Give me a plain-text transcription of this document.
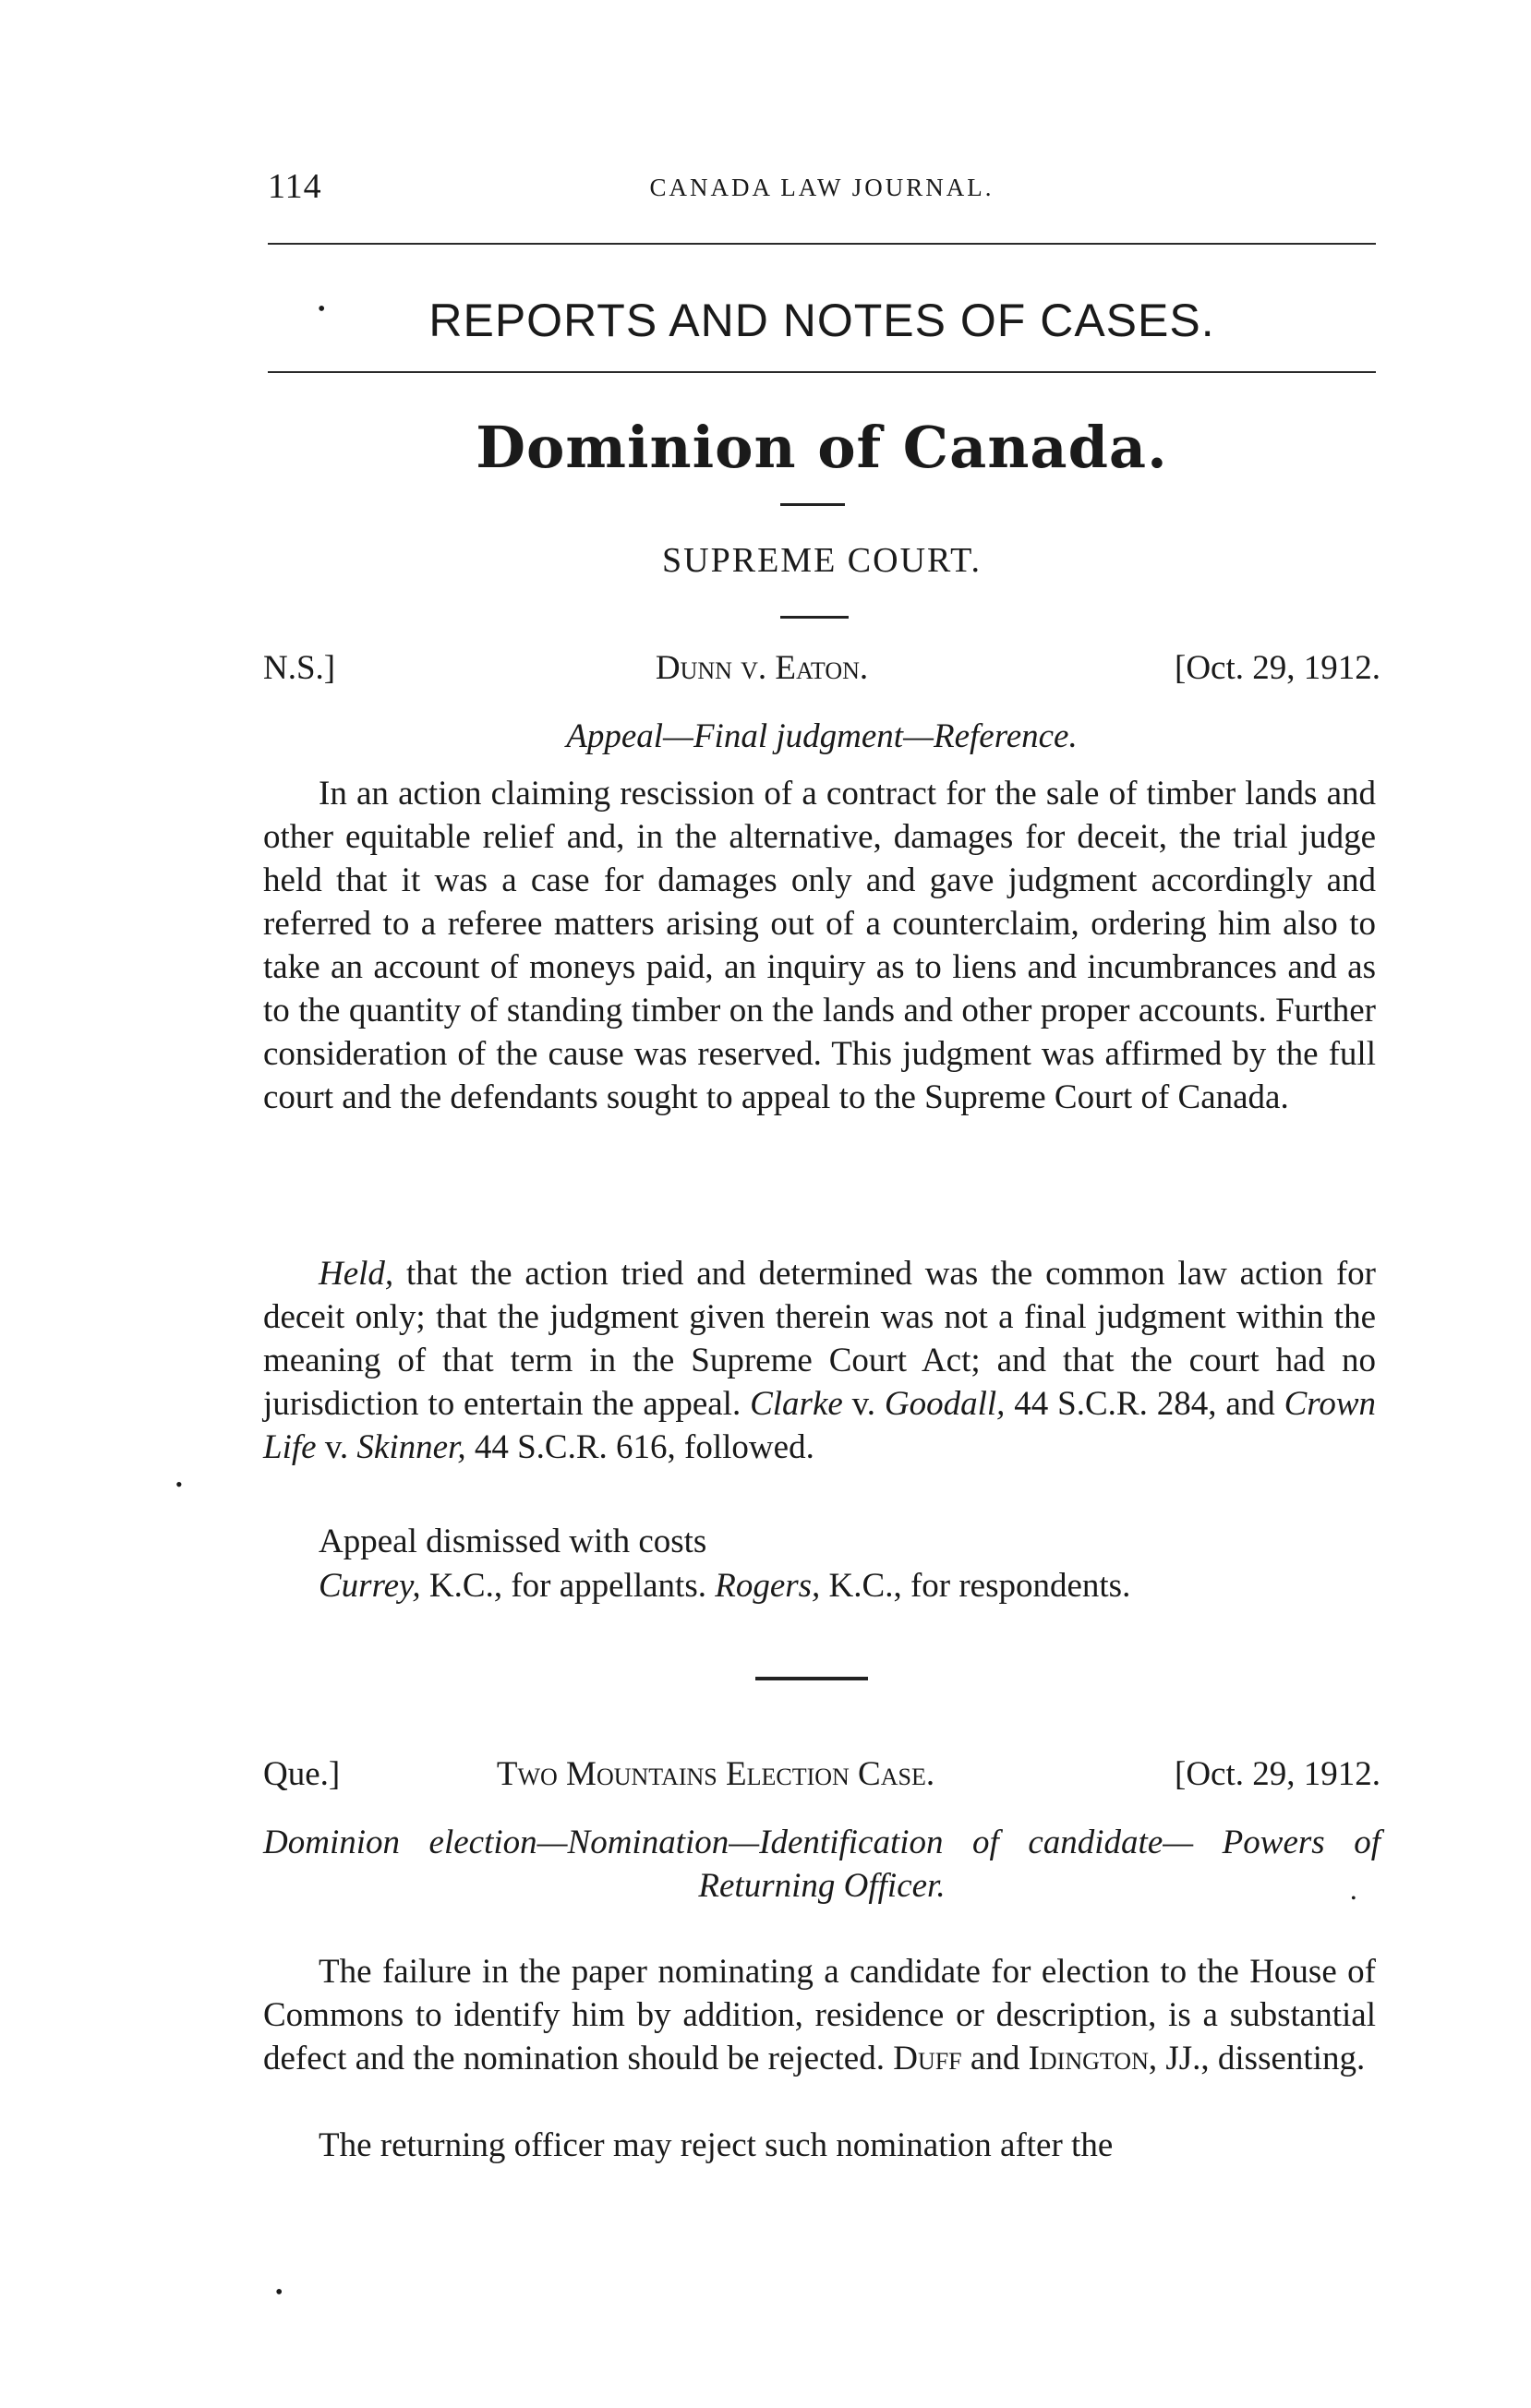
114	CANADA LAW JOURNAL.
•	REPORTS AND NOTES OF CASES.
Dominion of Canada.
SUPREME COURT.
N.S.]	Dunn v. Eaton.	[Oct. 29, 1912.
Appeal—Final judgment—Reference.
In an action claiming rescission of a contract for the sale of timber lands and other equitable relief and, in the alternative, damages for deceit, the trial judge held that it was a case for damages only and gave judgment accordingly and referred to a referee matters arising out of a counterclaim, ordering him also to take an account of moneys paid, an inquiry as to liens and incumbrances and as to the quantity of standing timber on the lands and other proper accounts. Further consideration of the cause was reserved. This judgment was affirmed by the full court and the defendants sought to appeal to the Supreme Court of Canada.
Held, that the action tried and determined was the common law action for deceit only; that the judgment given therein was not a final judgment within the meaning of that term in the Supreme Court Act; and that the court had no jurisdiction to entertain the appeal. Clarke v. Goodall, 44 S.C.R. 284, and Crown Life v. Skinner, 44 S.C.R. 616, followed.
Appeal dismissed with costs
Currey, K.C., for appellants. Rogers, K.C., for respondents.
Que.]	Two Mountains Election Case.	[Oct. 29, 1912.
Dominion election—Nomination—Identification of candidate— Powers of Returning Officer.
The failure in the paper nominating a candidate for election to the House of Commons to identify him by addition, residence or description, is a substantial defect and the nomination should be rejected. Duff and Idington, JJ., dissenting.
The returning officer may reject such nomination after the
•
•
•
